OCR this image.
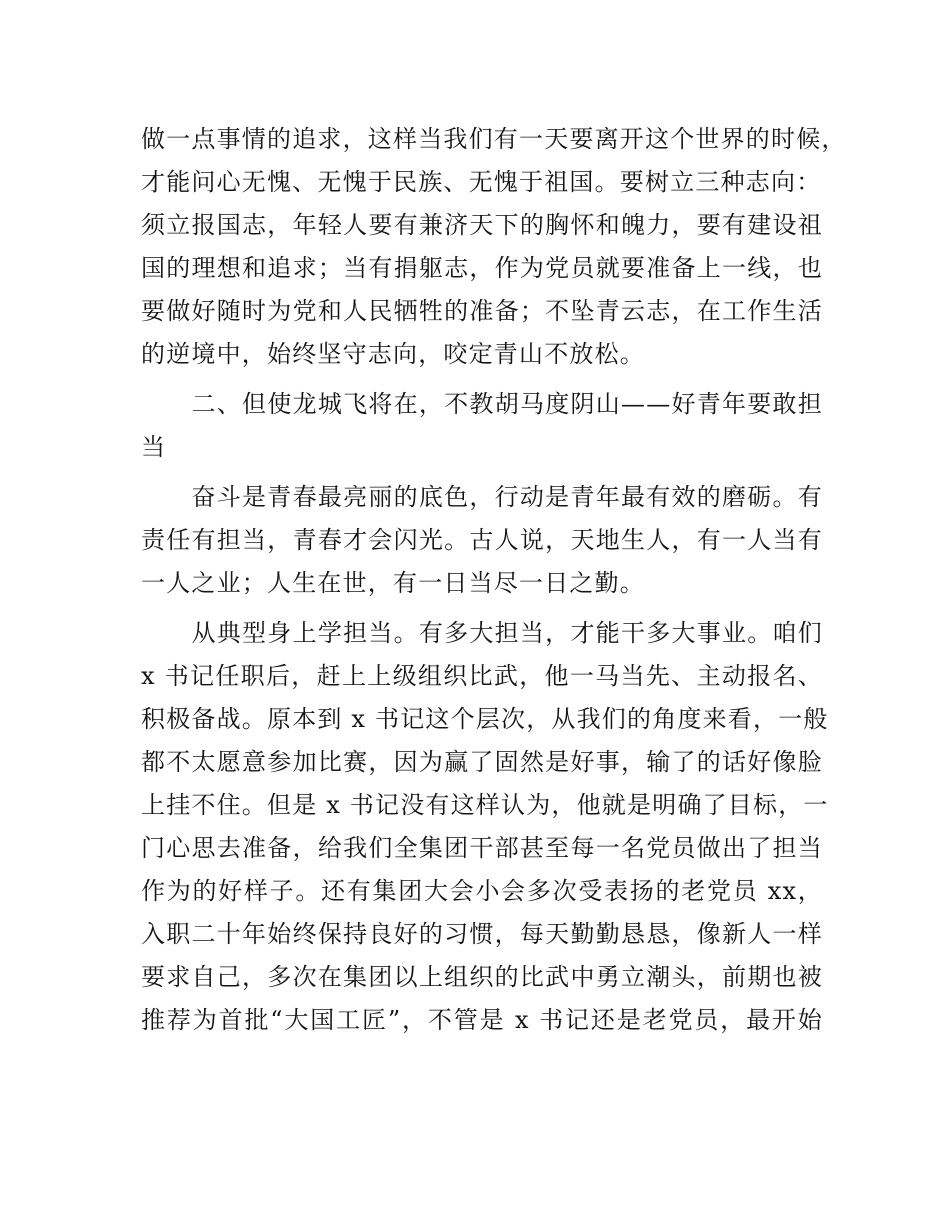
做一点事情的追求，这样当我们有一天要离开这个世界的时候，
才能问心无愧、无愧于民族、无愧于祖国。要树立三种志向：
须立报国志，年轻人要有兼济天下的胸怀和魄力，要有建设祖
国的理想和追求；当有捐躯志，作为党员就要准备上一线，也
要做好随时为党和人民牺牲的准备；不坠青云志，在工作生活
的逆境中，始终坚守志向，咬定青山不放松。
　　二、但使龙城飞将在，不教胡马度阴山——好青年要敢担
当
　　奋斗是青春最亮丽的底色，行动是青年最有效的磨砺。有
责任有担当，青春才会闪光。古人说，天地生人，有一人当有
一人之业；人生在世，有一日当尽一日之勤。
　　从典型身上学担当。有多大担当，才能干多大事业。咱们
x 书记任职后，赶上上级组织比武，他一马当先、主动报名、
积极备战。原本到 x 书记这个层次，从我们的角度来看，一般
都不太愿意参加比赛，因为赢了固然是好事，输了的话好像脸
上挂不住。但是 x 书记没有这样认为，他就是明确了目标，一
门心思去准备，给我们全集团干部甚至每一名党员做出了担当
作为的好样子。还有集团大会小会多次受表扬的老党员 xx，
入职二十年始终保持良好的习惯，每天勤勤恳恳，像新人一样
要求自己，多次在集团以上组织的比武中勇立潮头，前期也被
推荐为首批“大国工匠”，不管是 x 书记还是老党员，最开始
